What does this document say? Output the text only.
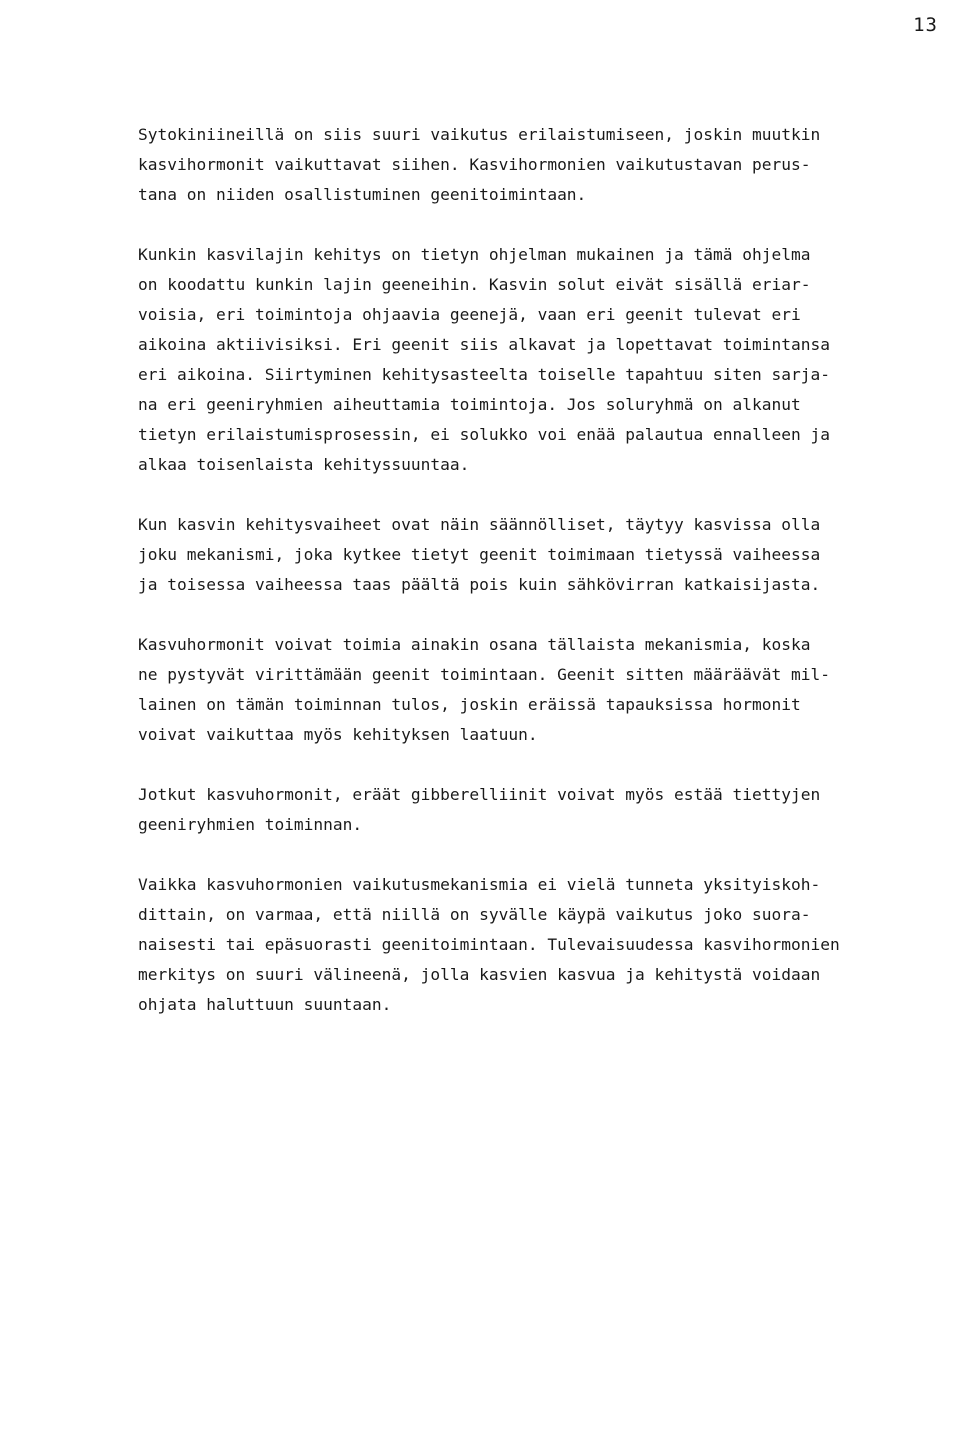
13

Sytokiniineillä on siis suuri vaikutus erilaistumiseen, joskin muutkin
kasvihormonit vaikuttavat siihen. Kasvihormonien vaikutustavan perus-
tana on niiden osallistuminen geenitoimintaan.

Kunkin kasvilajin kehitys on tietyn ohjelman mukainen ja tämä ohjelma
on koodattu kunkin lajin geeneihin. Kasvin solut eivät sisällä eriar-
voisia, eri toimintoja ohjaavia geenejä, vaan eri geenit tulevat eri
aikoina aktiivisiksi. Eri geenit siis alkavat ja lopettavat toimintansa
eri aikoina. Siirtyminen kehitysasteelta toiselle tapahtuu siten sarja-
na eri geeniryhmien aiheuttamia toimintoja. Jos soluryhmä on alkanut
tietyn erilaistumisprosessin, ei solukko voi enää palautua ennalleen ja
alkaa toisenlaista kehityssuuntaa.

Kun kasvin kehitysvaiheet ovat näin säännölliset, täytyy kasvissa olla
joku mekanismi, joka kytkee tietyt geenit toimimaan tietyssä vaiheessa
ja toisessa vaiheessa taas päältä pois kuin sähkövirran katkaisijasta.

Kasvuhormonit voivat toimia ainakin osana tällaista mekanismia, koska
ne pystyvät virittämään geenit toimintaan. Geenit sitten määräävät mil-
lainen on tämän toiminnan tulos, joskin eräissä tapauksissa hormonit
voivat vaikuttaa myös kehityksen laatuun.

Jotkut kasvuhormonit, eräät gibberelliinit voivat myös estää tiettyjen
geeniryhmien toiminnan.

Vaikka kasvuhormonien vaikutusmekanismia ei vielä tunneta yksityiskoh-
dittain, on varmaa, että niillä on syvälle käypä vaikutus joko suora-
naisesti tai epäsuorasti geenitoimintaan. Tulevaisuudessa kasvihormonien
merkitys on suuri välineenä, jolla kasvien kasvua ja kehitystä voidaan
ohjata haluttuun suuntaan.
